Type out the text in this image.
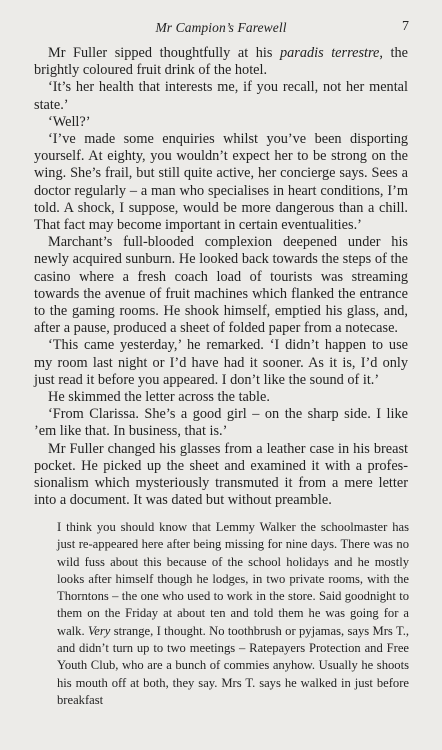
Mr Campion’s Farewell	7

Mr Fuller sipped thoughtfully at his paradis terrestre, the brightly coloured fruit drink of the hotel.

‘It’s her health that interests me, if you recall, not her mental state.’

‘Well?’

‘I’ve made some enquiries whilst you’ve been disporting yourself. At eighty, you wouldn’t expect her to be strong on the wing. She’s frail, but still quite active, her concierge says. Sees a doctor regularly – a man who specialises in heart conditions, I’m told. A shock, I suppose, would be more dangerous than a chill. That fact may become important in certain eventualities.’

Marchant’s full-blooded complexion deepened under his newly acquired sunburn. He looked back towards the steps of the casino where a fresh coach load of tourists was streaming towards the avenue of fruit machines which flanked the entrance to the gaming rooms. He shook himself, emptied his glass, and, after a pause, produced a sheet of folded paper from a notecase.

‘This came yesterday,’ he remarked. ‘I didn’t happen to use my room last night or I’d have had it sooner. As it is, I’d only just read it before you appeared. I don’t like the sound of it.’

He skimmed the letter across the table.

‘From Clarissa. She’s a good girl – on the sharp side. I like ’em like that. In business, that is.’

Mr Fuller changed his glasses from a leather case in his breast pocket. He picked up the sheet and examined it with a professionalism which mysteriously transmuted it from a mere letter into a document. It was dated but without preamble.

I think you should know that Lemmy Walker the schoolmaster has just re-appeared here after being missing for nine days. There was no wild fuss about this because of the school holidays and he mostly looks after himself though he lodges, in two private rooms, with the Thorntons – the one who used to work in the store. Said goodnight to them on the Friday at about ten and told them he was going for a walk. Very strange, I thought. No toothbrush or pyjamas, says Mrs T., and didn’t turn up to two meetings – Ratepayers Protection and Free Youth Club, who are a bunch of commies anyhow. Usually he shoots his mouth off at both, they say. Mrs T. says he walked in just before breakfast
